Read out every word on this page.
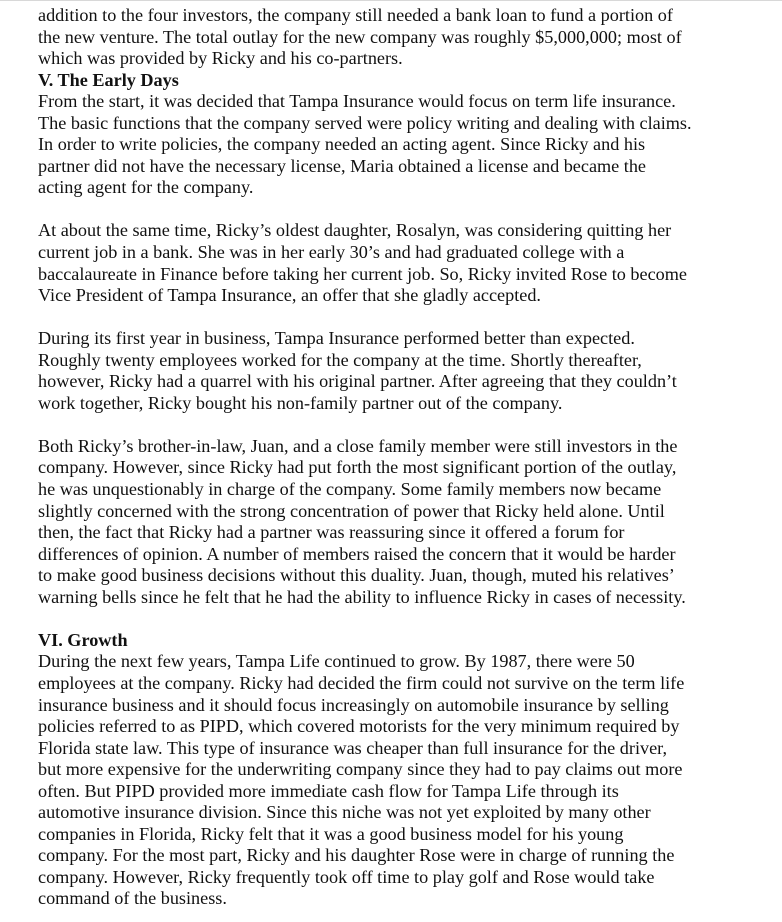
addition to the four investors, the company still needed a bank loan to fund a portion of
the new venture. The total outlay for the new company was roughly $5,000,000; most of
which was provided by Ricky and his co-partners.
V. The Early Days
From the start, it was decided that Tampa Insurance would focus on term life insurance.
The basic functions that the company served were policy writing and dealing with claims.
In order to write policies, the company needed an acting agent. Since Ricky and his
partner did not have the necessary license, Maria obtained a license and became the
acting agent for the company.
At about the same time, Ricky’s oldest daughter, Rosalyn, was considering quitting her
current job in a bank. She was in her early 30’s and had graduated college with a
baccalaureate in Finance before taking her current job. So, Ricky invited Rose to become
Vice President of Tampa Insurance, an offer that she gladly accepted.
During its first year in business, Tampa Insurance performed better than expected.
Roughly twenty employees worked for the company at the time. Shortly thereafter,
however, Ricky had a quarrel with his original partner. After agreeing that they couldn’t
work together, Ricky bought his non-family partner out of the company.
Both Ricky’s brother-in-law, Juan, and a close family member were still investors in the
company. However, since Ricky had put forth the most significant portion of the outlay,
he was unquestionably in charge of the company. Some family members now became
slightly concerned with the strong concentration of power that Ricky held alone. Until
then, the fact that Ricky had a partner was reassuring since it offered a forum for
differences of opinion. A number of members raised the concern that it would be harder
to make good business decisions without this duality. Juan, though, muted his relatives’
warning bells since he felt that he had the ability to influence Ricky in cases of necessity.
VI. Growth
During the next few years, Tampa Life continued to grow. By 1987, there were 50
employees at the company. Ricky had decided the firm could not survive on the term life
insurance business and it should focus increasingly on automobile insurance by selling
policies referred to as PIPD, which covered motorists for the very minimum required by
Florida state law. This type of insurance was cheaper than full insurance for the driver,
but more expensive for the underwriting company since they had to pay claims out more
often. But PIPD provided more immediate cash flow for Tampa Life through its
automotive insurance division. Since this niche was not yet exploited by many other
companies in Florida, Ricky felt that it was a good business model for his young
company. For the most part, Ricky and his daughter Rose were in charge of running the
company. However, Ricky frequently took off time to play golf and Rose would take
command of the business.
